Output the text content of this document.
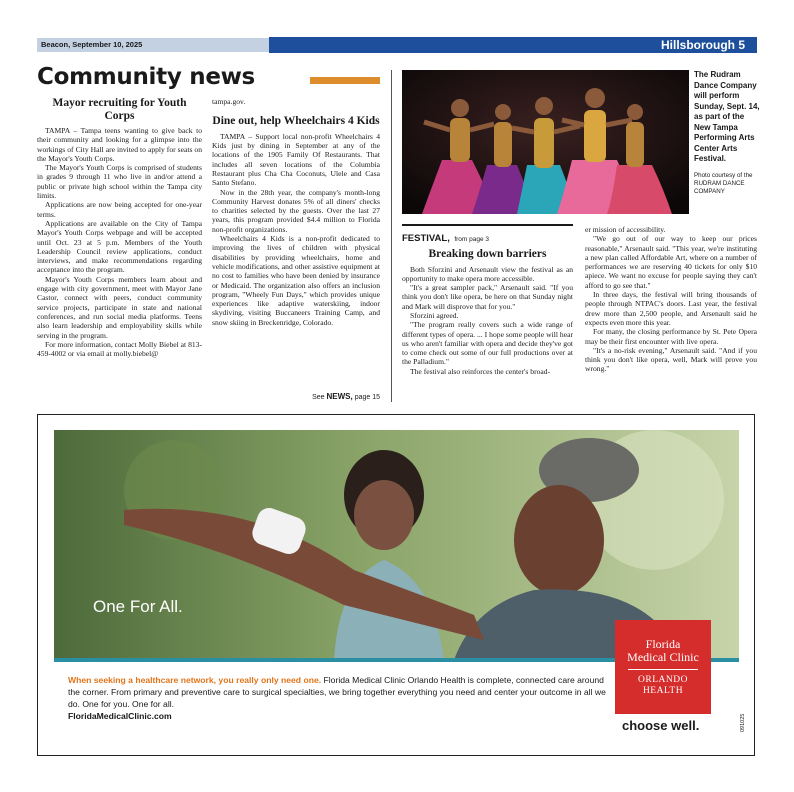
Beacon, September 10, 2025	Hillsborough 5
Community news
Mayor recruiting for Youth Corps

TAMPA – Tampa teens wanting to give back to their community and looking for a glimpse into the workings of City Hall are invited to apply for seats on the Mayor's Youth Corps.

The Mayor's Youth Corps is comprised of students in grades 9 through 11 who live in and/or attend a public or private high school within the Tampa city limits.

Applications are now being accepted for one-year terms.

Applications are available on the City of Tampa Mayor's Youth Corps webpage and will be accepted until Oct. 23 at 5 p.m. Members of the Youth Leadership Council review applications, conduct interviews, and make recommendations regarding acceptance into the program.

Mayor's Youth Corps members learn about and engage with city government, meet with Mayor Jane Castor, connect with peers, conduct community service projects, participate in state and national conferences, and run social media platforms. Teens also learn leadership and employability skills while serving in the program.

For more information, contact Molly Biebel at 813-459-4002 or via email at molly.biebel@

tampa.gov.

Dine out, help Wheelchairs 4 Kids

TAMPA – Support local non-profit Wheelchairs 4 Kids just by dining in September at any of the locations of the 1905 Family Of Restaurants. That includes all seven locations of the Columbia Restaurant plus Cha Cha Coconuts, Ulele and Casa Santo Stefano.

Now in the 28th year, the company's month-long Community Harvest donates 5% of all diners' checks to charities selected by the guests. Over the last 27 years, this program provided $4.4 million to Florida non-profit organizations.

Wheelchairs 4 Kids is a non-profit dedicated to improving the lives of children with physical disabilities by providing wheelchairs, home and vehicle modifications, and other assistive equipment at no cost to families who have been denied by insurance or Medicaid. The organization also offers an inclusion program, "Wheely Fun Days," which provides unique experiences like adaptive waterskiing, indoor skydiving, visiting Buccaneers Training Camp, and snow skiing in Breckenridge, Colorado.

See NEWS, page 15
The Rudram Dance Company will perform Sunday, Sept. 14, as part of the New Tampa Performing Arts Center Arts Festival.
Photo courtesy of the RUDRAM DANCE COMPANY
FESTIVAL, from page 3
Breaking down barriers

Both Sforzini and Arsenault view the festival as an opportunity to make opera more accessible.

"It's a great sampler pack," Arsenault said. "If you think you don't like opera, be here on that Sunday night and Mark will disprove that for you."

Sforzini agreed.

"The program really covers such a wide range of different types of opera. ... I hope some people will hear us who aren't familiar with opera and decide they've got to come check out some of our full productions over at the Palladium."

The festival also reinforces the center's broad-

er mission of accessibility.

"We go out of our way to keep our prices reasonable," Arsenault said. "This year, we're instituting a new plan called Affordable Art, where on a number of performances we are reserving 40 tickets for only $10 apiece. We want no excuse for people saying they can't afford to go see that."

In three days, the festival will bring thousands of people through NTPAC's doors. Last year, the festival drew more than 2,500 people, and Arsenault said he expects even more this year.

For many, the closing performance by St. Pete Opera may be their first encounter with live opera.

"It's a no-risk evening," Arsenault said. "And if you think you don't like opera, well, Mark will prove you wrong."

One For All.
Florida
Medical Clinic
ORLANDO
HEALTH
When seeking a healthcare network, you really only need one. Florida Medical Clinic Orlando Health is complete, connected care around the corner. From primary and preventive care to surgical specialties, we bring together everything you need and center your outcome in all we do. One for you. One for all.
FloridaMedicalClinic.com
choose well.	091025
